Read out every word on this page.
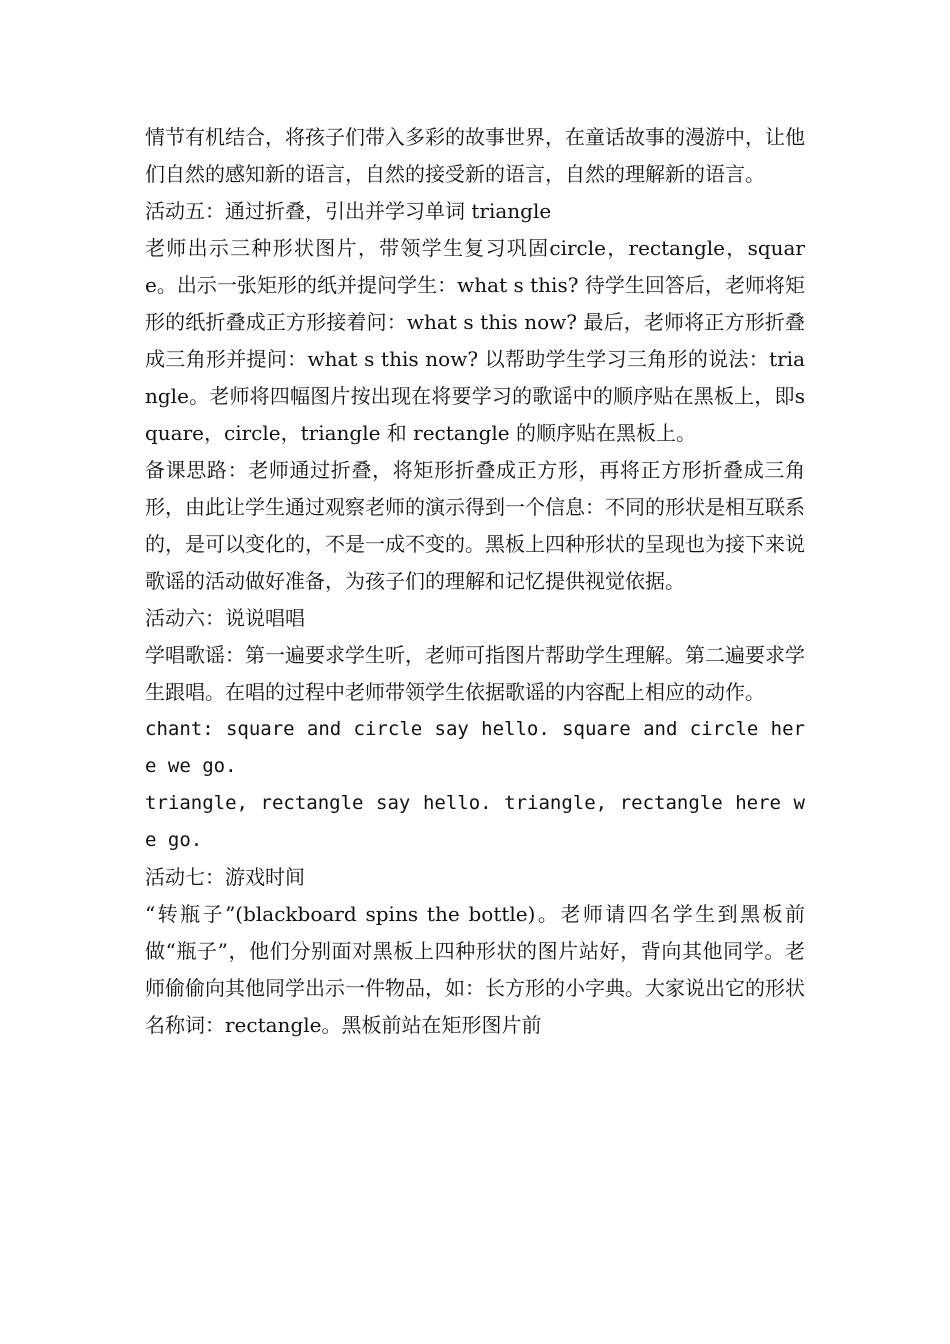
情节有机结合，将孩子们带入多彩的故事世界，在童话故事的漫游中，让他们自然的感知新的语言，自然的接受新的语言，自然的理解新的语言。

活动五：通过折叠，引出并学习单词 triangle

老师出示三种形状图片，带领学生复习巩固circle，rectangle，square。出示一张矩形的纸并提问学生：what s this? 待学生回答后，老师将矩形的纸折叠成正方形接着问：what s this now? 最后，老师将正方形折叠成三角形并提问：what s this now? 以帮助学生学习三角形的说法：triangle。老师将四幅图片按出现在将要学习的歌谣中的顺序贴在黑板上，即square，circle，triangle 和 rectangle 的顺序贴在黑板上。

备课思路：老师通过折叠，将矩形折叠成正方形，再将正方形折叠成三角形，由此让学生通过观察老师的演示得到一个信息：不同的形状是相互联系的，是可以变化的，不是一成不变的。黑板上四种形状的呈现也为接下来说歌谣的活动做好准备，为孩子们的理解和记忆提供视觉依据。

活动六：说说唱唱

学唱歌谣：第一遍要求学生听，老师可指图片帮助学生理解。第二遍要求学生跟唱。在唱的过程中老师带领学生依据歌谣的内容配上相应的动作。

chant: square and circle say hello. square and circle here we go.

triangle, rectangle say hello. triangle, rectangle here we go.

活动七：游戏时间

“转瓶子”(blackboard spins the bottle)。老师请四名学生到黑板前做“瓶子”，他们分别面对黑板上四种形状的图片站好，背向其他同学。老师偷偷向其他同学出示一件物品，如：长方形的小字典。大家说出它的形状名称词：rectangle。黑板前站在矩形图片前
